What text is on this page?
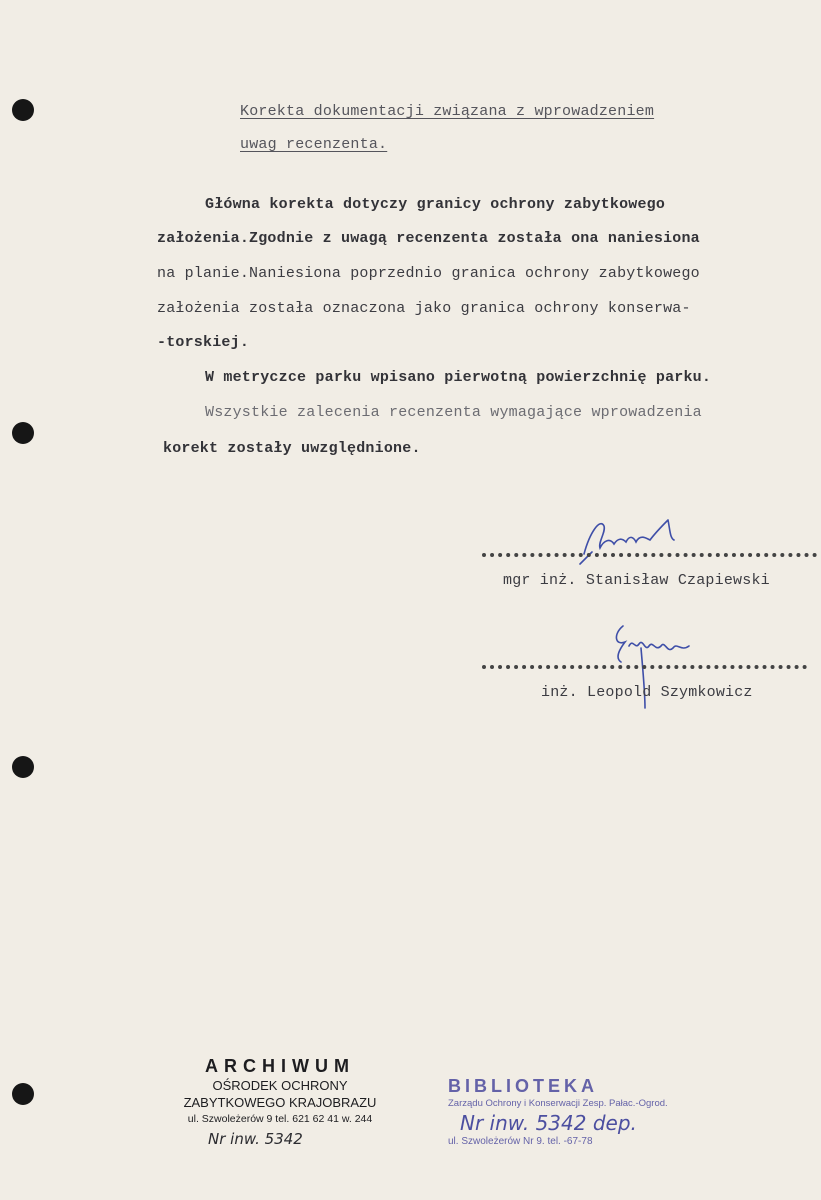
Korekta dokumentacji związana z wprowadzeniem
uwag recenzenta.
Główna korekta dotyczy granicy ochrony zabytkowego
założenia.Zgodnie z uwagą recenzenta została ona naniesiona
na planie.Naniesiona poprzednio granica ochrony zabytkowego
założenia została oznaczona jako granica ochrony konserwa-
-torskiej.
W metryczce parku wpisano pierwotną powierzchnię parku.
Wszystkie zalecenia recenzenta wymagające wprowadzenia
korekt zostały uwzględnione.
mgr inż. Stanisław Czapiewski
inż. Leopold Szymkowicz
ARCHIWUM
OŚRODEK OCHRONY
ZABYTKOWEGO KRAJOBRAZU
ul. Szwoleżerów 9 tel. 621 62 41 w. 244
Nr inw. 5342
BIBLIOTEKA
Zarządu Ochrony i Konserwacji Zesp. Pałac.-Ogrod.
Nr inw. 5342 dep.
ul. Szwoleżerów Nr 9. tel. -67-78
